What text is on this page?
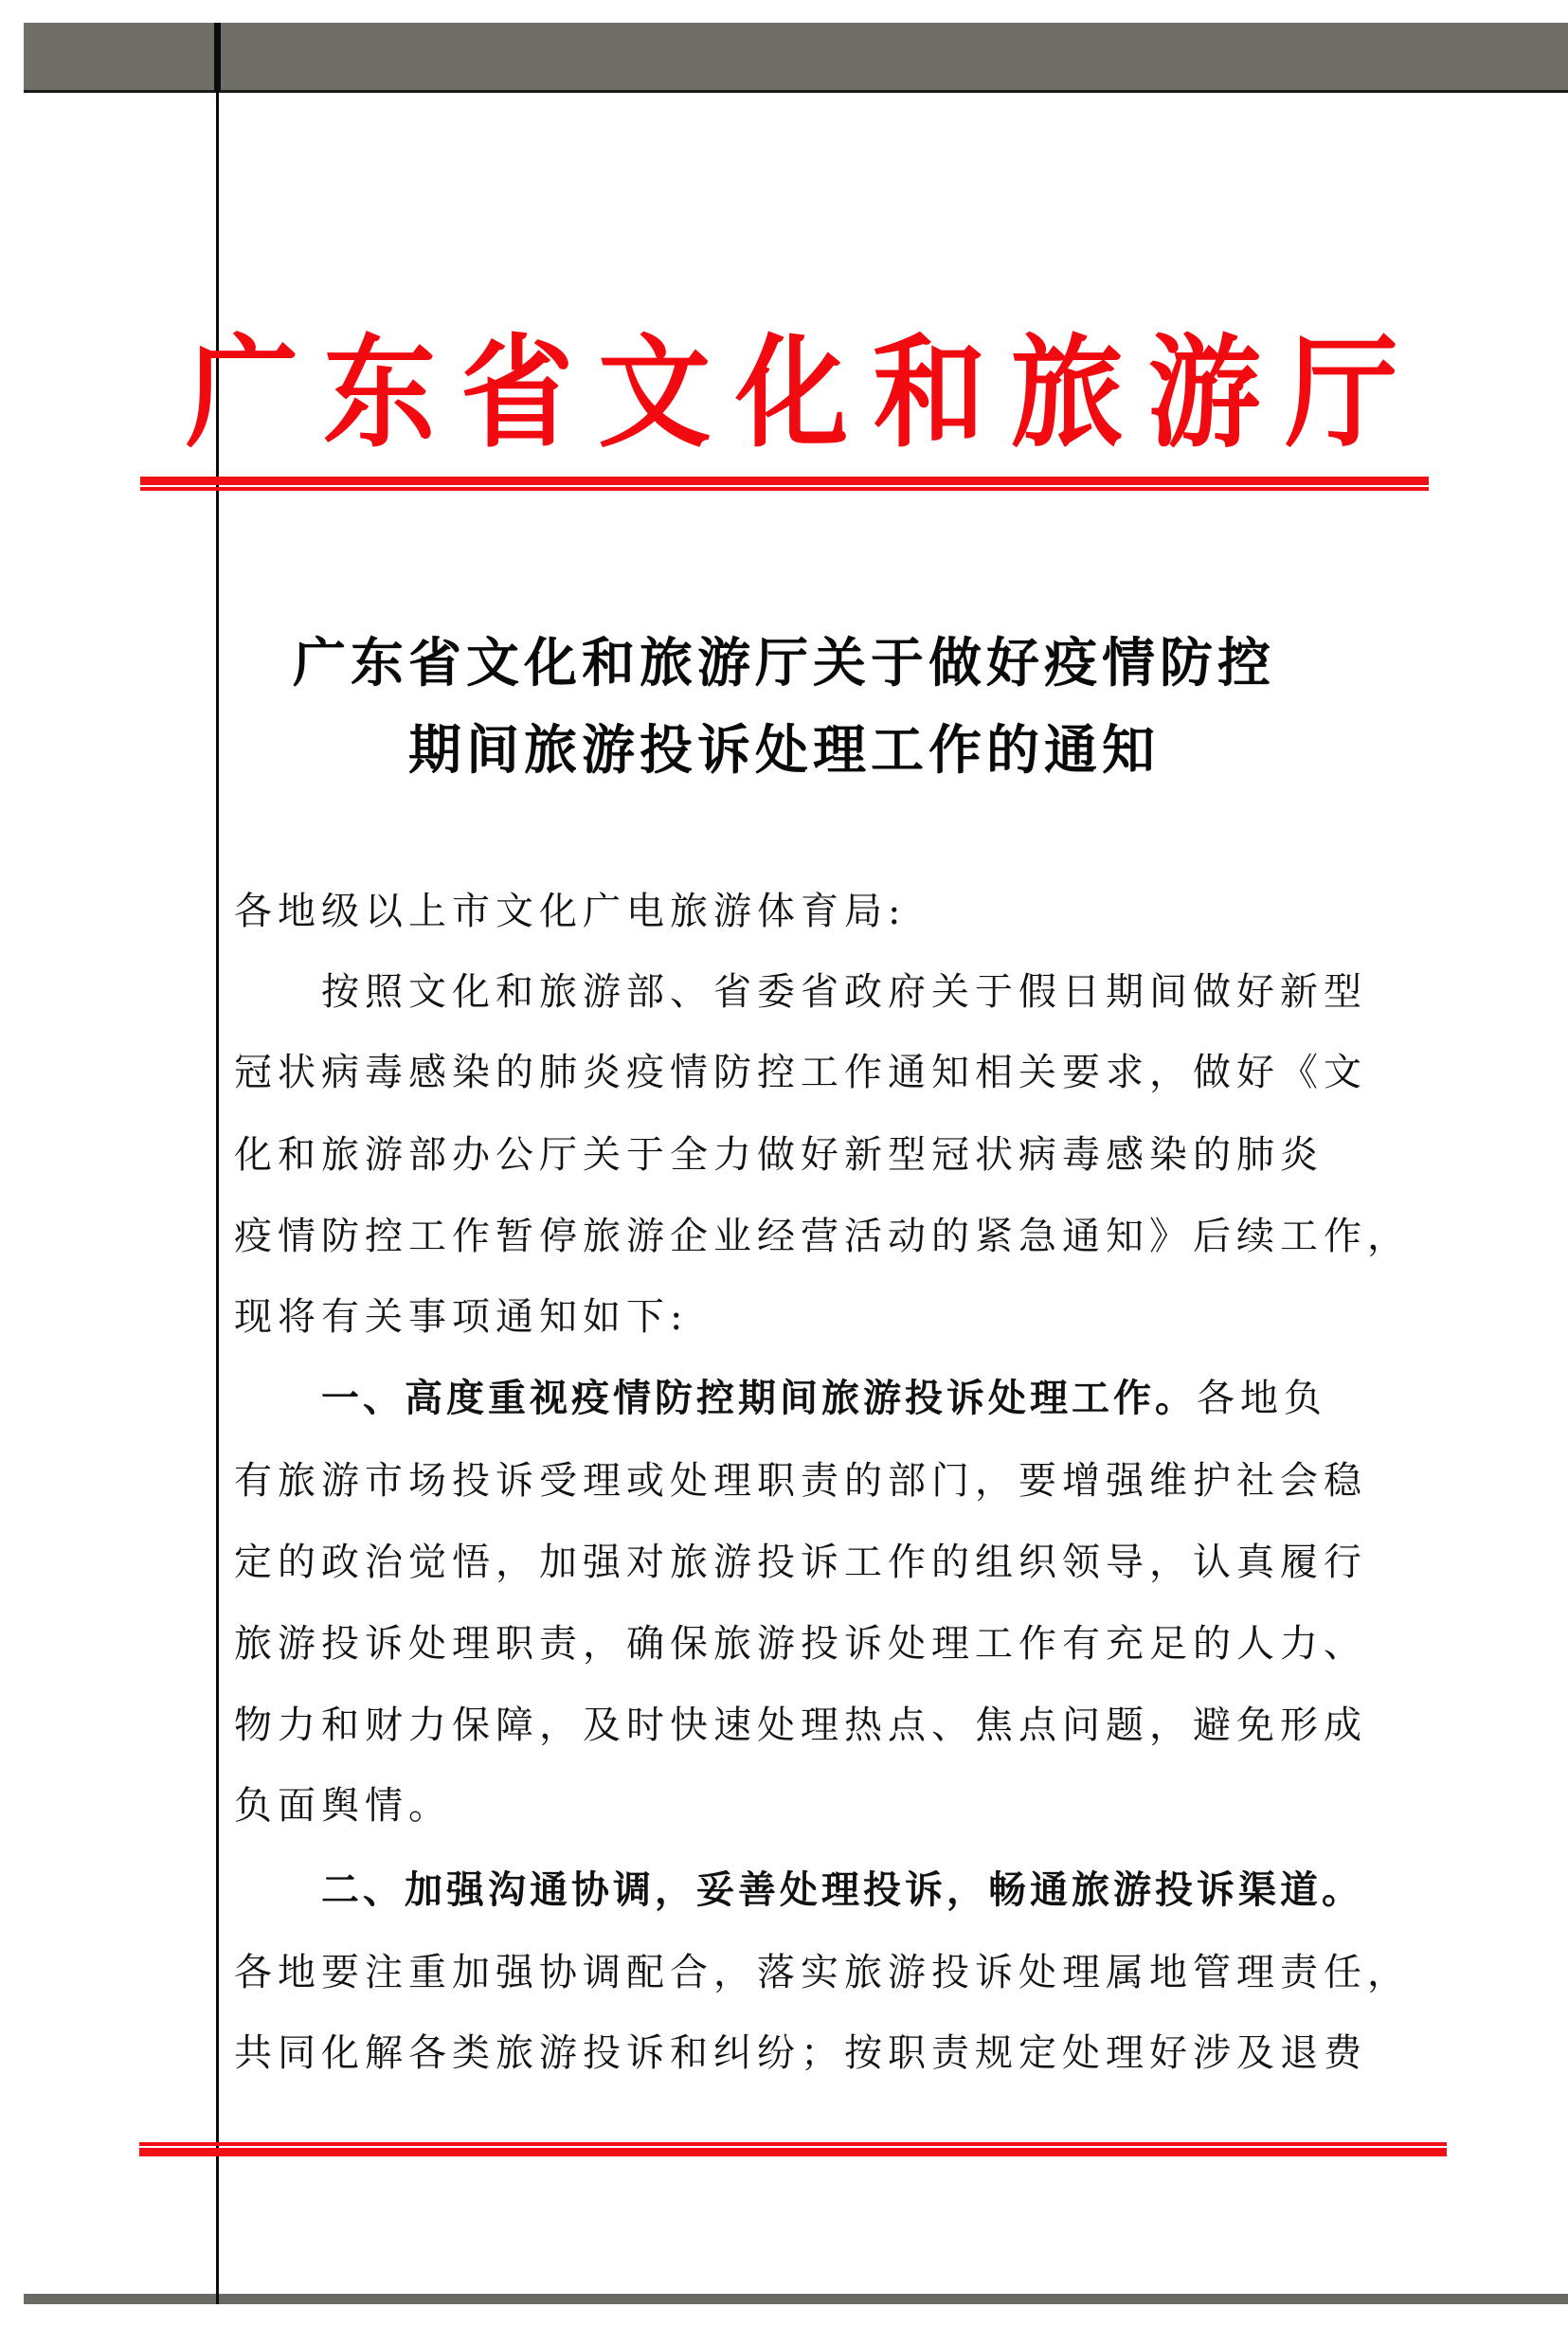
广东省文化和旅游厅
广东省文化和旅游厅关于做好疫情防控
期间旅游投诉处理工作的通知
各地级以上市文化广电旅游体育局:
按照文化和旅游部、省委省政府关于假日期间做好新型
冠状病毒感染的肺炎疫情防控工作通知相关要求，做好《文
化和旅游部办公厅关于全力做好新型冠状病毒感染的肺炎
疫情防控工作暂停旅游企业经营活动的紧急通知》后续工作，
现将有关事项通知如下:
一、高度重视疫情防控期间旅游投诉处理工作。各地负
有旅游市场投诉受理或处理职责的部门，要增强维护社会稳
定的政治觉悟，加强对旅游投诉工作的组织领导，认真履行
旅游投诉处理职责，确保旅游投诉处理工作有充足的人力、
物力和财力保障，及时快速处理热点、焦点问题，避免形成
负面舆情。
二、加强沟通协调，妥善处理投诉，畅通旅游投诉渠道。
各地要注重加强协调配合，落实旅游投诉处理属地管理责任，
共同化解各类旅游投诉和纠纷；按职责规定处理好涉及退费
